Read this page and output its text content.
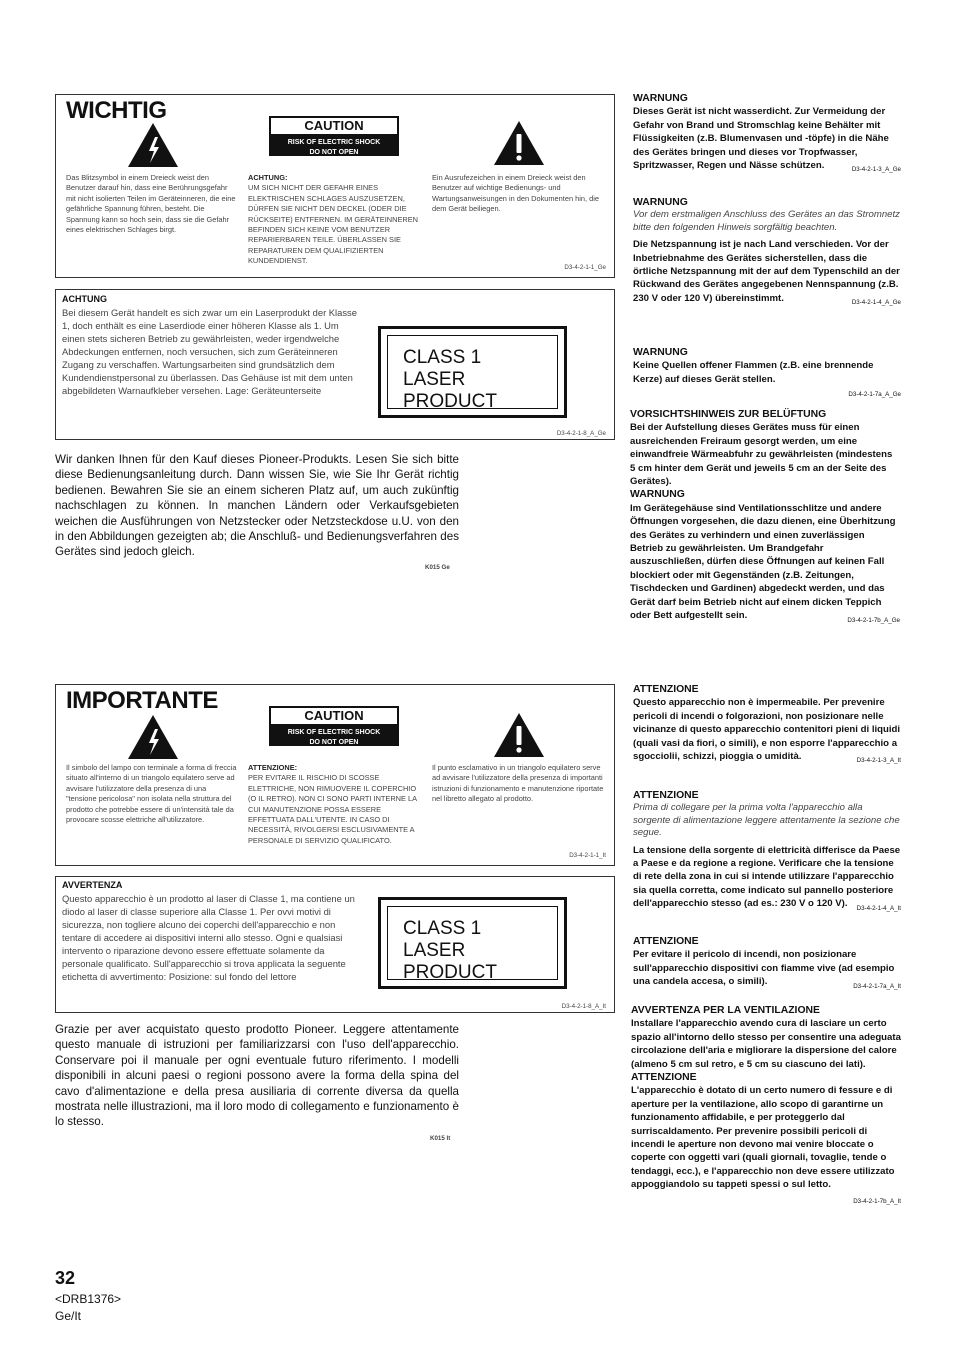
WICHTIG
CAUTION
RISK OF ELECTRIC SHOCK
DO NOT OPEN
Das Blitzsymbol in einem Dreieck weist den Benutzer darauf hin, dass eine Berührungsgefahr mit nicht isolierten Teilen im Geräteinneren, die eine gefährliche Spannung führen, besteht. Die Spannung kann so hoch sein, dass sie die Gefahr eines elektrischen Schlages birgt.
ACHTUNG:
UM SICH NICHT DER GEFAHR EINES ELEKTRISCHEN SCHLAGES AUSZUSETZEN, DÜRFEN SIE NICHT DEN DECKEL (ODER DIE RÜCKSEITE) ENTFERNEN. IM GERÄTEINNEREN BEFINDEN SICH KEINE VOM BENUTZER REPARIERBAREN TEILE. ÜBERLASSEN SIE REPARATUREN DEM QUALIFIZIERTEN KUNDENDIENST.
Ein Ausrufezeichen in einem Dreieck weist den Benutzer auf wichtige Bedienungs- und Wartungsanweisungen in den Dokumenten hin, die dem Gerät beiliegen.
D3-4-2-1-1_Ge
ACHTUNG
Bei diesem Gerät handelt es sich zwar um ein Laserprodukt der Klasse 1, doch enthält es eine Laserdiode einer höheren Klasse als 1. Um einen stets sicheren Betrieb zu gewährleisten, weder irgendwelche Abdeckungen entfernen, noch versuchen, sich zum Geräteinneren Zugang zu verschaffen. Wartungsarbeiten sind grundsätzlich dem Kundendienstpersonal zu überlassen. Das Gehäuse ist mit dem unten abgebildeten Warnaufkleber versehen. Lage: Geräteunterseite
CLASS 1
LASER PRODUCT
D3-4-2-1-8_A_Ge
Wir danken Ihnen für den Kauf dieses Pioneer-Produkts. Lesen Sie sich bitte diese Bedienungsanleitung durch. Dann wissen Sie, wie Sie Ihr Gerät richtig bedienen. Bewahren Sie sie an einem sicheren Platz auf, um auch zukünftig nachschlagen zu können. In manchen Ländern oder Verkaufsgebieten weichen die Ausführungen von Netzstecker oder Netzsteckdose u.U. von den in den Abbildungen gezeigten ab; die Anschluß- und Bedienungsverfahren des Gerätes sind jedoch gleich.
K015 Ge
WARNUNG
Dieses Gerät ist nicht wasserdicht. Zur Vermeidung der Gefahr von Brand und Stromschlag keine Behälter mit Flüssigkeiten (z.B. Blumenvasen und -töpfe) in die Nähe des Gerätes bringen und dieses vor Tropfwasser, Spritzwasser, Regen und Nässe schützen.	D3-4-2-1-3_A_Ge
WARNUNG
Vor dem erstmaligen Anschluss des Gerätes an das Stromnetz bitte den folgenden Hinweis sorgfältig beachten.
Die Netzspannung ist je nach Land verschieden. Vor der Inbetriebnahme des Gerätes sicherstellen, dass die örtliche Netzspannung mit der auf dem Typenschild an der Rückwand des Gerätes angegebenen Nennspannung (z.B. 230 V oder 120 V) übereinstimmt.	D3-4-2-1-4_A_Ge
WARNUNG
Keine Quellen offener Flammen (z.B. eine brennende Kerze) auf dieses Gerät stellen.
D3-4-2-1-7a_A_Ge
VORSICHTSHINWEIS ZUR BELÜFTUNG
Bei der Aufstellung dieses Gerätes muss für einen ausreichenden Freiraum gesorgt werden, um eine einwandfreie Wärmeabfuhr zu gewährleisten (mindestens 5 cm hinter dem Gerät und jeweils 5 cm an der Seite des Gerätes).
WARNUNG
Im Gerätegehäuse sind Ventilationsschlitze und andere Öffnungen vorgesehen, die dazu dienen, eine Überhitzung des Gerätes zu verhindern und einen zuverlässigen Betrieb zu gewährleisten. Um Brandgefahr auszuschließen, dürfen diese Öffnungen auf keinen Fall blockiert oder mit Gegenständen (z.B. Zeitungen, Tischdecken und Gardinen) abgedeckt werden, und das Gerät darf beim Betrieb nicht auf einem dicken Teppich oder Bett aufgestellt sein.	D3-4-2-1-7b_A_Ge
IMPORTANTE
CAUTION
RISK OF ELECTRIC SHOCK
DO NOT OPEN
Il simbolo del lampo con terminale a forma di freccia situato all'interno di un triangolo equilatero serve ad avvisare l'utilizzatore della presenza di una "tensione pericolosa" non isolata nella struttura del prodotto che potrebbe essere di un'intensità tale da provocare scosse elettriche all'utilizzatore.
ATTENZIONE:
PER EVITARE IL RISCHIO DI SCOSSE ELETTRICHE, NON RIMUOVERE IL COPERCHIO (O IL RETRO). NON CI SONO PARTI INTERNE LA CUI MANUTENZIONE POSSA ESSERE EFFETTUATA DALL'UTENTE. IN CASO DI NECESSITÀ, RIVOLGERSI ESCLUSIVAMENTE A PERSONALE DI SERVIZIO QUALIFICATO.
Il punto esclamativo in un triangolo equilatero serve ad avvisare l'utilizzatore della presenza di importanti istruzioni di funzionamento e manutenzione riportate nel libretto allegato al prodotto.
D3-4-2-1-1_It
AVVERTENZA
Questo apparecchio è un prodotto al laser di Classe 1, ma contiene un diodo al laser di classe superiore alla Classe 1. Per ovvi motivi di sicurezza, non togliere alcuno dei coperchi dell'apparecchio e non tentare di accedere ai dispositivi interni allo stesso. Ogni e qualsiasi intervento o riparazione devono essere effettuate solamente da personale qualificato. Sull'apparecchio si trova applicata la seguente etichetta di avvertimento: Posizione: sul fondo del lettore
CLASS 1
LASER PRODUCT
D3-4-2-1-8_A_It
Grazie per aver acquistato questo prodotto Pioneer. Leggere attentamente questo manuale di istruzioni per familiarizzarsi con l'uso dell'apparecchio. Conservare poi il manuale per ogni eventuale futuro riferimento. I modelli disponibili in alcuni paesi o regioni possono avere la forma della spina del cavo d'alimentazione e della presa ausiliaria di corrente diversa da quella mostrata nelle illustrazioni, ma il loro modo di collegamento e funzionamento è lo stesso.
K015 It
ATTENZIONE
Questo apparecchio non è impermeabile. Per prevenire pericoli di incendi o folgorazioni, non posizionare nelle vicinanze di questo apparecchio contenitori pieni di liquidi (quali vasi da fiori, o simili), e non esporre l'apparecchio a sgocciolii, schizzi, pioggia o umidità.	D3-4-2-1-3_A_It
ATTENZIONE
Prima di collegare per la prima volta l'apparecchio alla sorgente di alimentazione leggere attentamente la sezione che segue.
La tensione della sorgente di elettricità differisce da Paese a Paese e da regione a regione. Verificare che la tensione di rete della zona in cui si intende utilizzare l'apparecchio sia quella corretta, come indicato sul pannello posteriore dell'apparecchio stesso (ad es.: 230 V o 120 V).	D3-4-2-1-4_A_It
ATTENZIONE
Per evitare il pericolo di incendi, non posizionare sull'apparecchio dispositivi con fiamme vive (ad esempio una candela accesa, o simili).	D3-4-2-1-7a_A_It
AVVERTENZA PER LA VENTILAZIONE
Installare l'apparecchio avendo cura di lasciare un certo spazio all'intorno dello stesso per consentire una adeguata circolazione dell'aria e migliorare la dispersione del calore (almeno 5 cm sul retro, e 5 cm su ciascuno dei lati).
ATTENZIONE
L'apparecchio è dotato di un certo numero di fessure e di aperture per la ventilazione, allo scopo di garantirne un funzionamento affidabile, e per proteggerlo dal surriscaldamento. Per prevenire possibili pericoli di incendi le aperture non devono mai venire bloccate o coperte con oggetti vari (quali giornali, tovaglie, tende o tendaggi, ecc.), e l'apparecchio non deve essere utilizzato appoggiandolo su tappeti spessi o sul letto.
D3-4-2-1-7b_A_It
32
<DRB1376>
Ge/It
